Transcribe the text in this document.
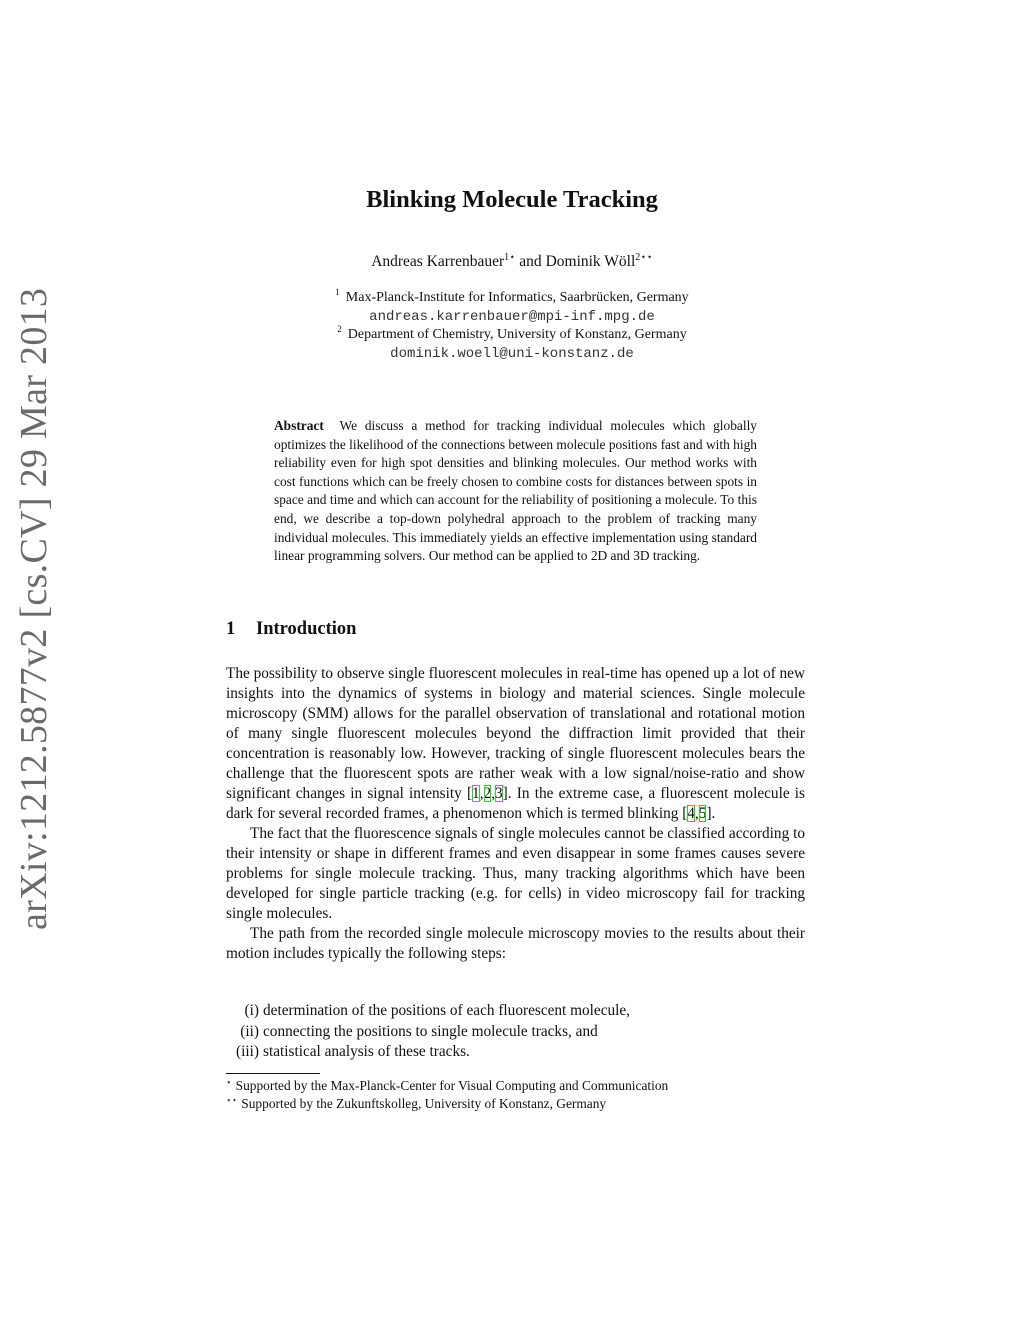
arXiv:1212.5877v2 [cs.CV] 29 Mar 2013
Blinking Molecule Tracking
Andreas Karrenbauer$^{1⋆}$ and Dominik Wöll$^{2⋆⋆}$
$^1$ Max-Planck-Institute for Informatics, Saarbrücken, Germany
andreas.karrenbauer@mpi-inf.mpg.de
$^2$ Department of Chemistry, University of Konstanz, Germany
dominik.woell@uni-konstanz.de

Abstract We discuss a method for tracking individual molecules which globally optimizes the likelihood of the connections between molecule positions fast and with high reliability even for high spot densities and blinking molecules. Our method works with cost functions which can be freely chosen to combine costs for distances between spots in space and time and which can account for the reliability of positioning a molecule. To this end, we describe a top-down polyhedral approach to the problem of tracking many individual molecules. This immediately yields an effective implementation using standard linear programming solvers. Our method can be applied to 2D and 3D tracking.

1 Introduction

The possibility to observe single fluorescent molecules in real-time has opened up a lot of new insights into the dynamics of systems in biology and material sciences. Single molecule microscopy (SMM) allows for the parallel observation of translational and rotational motion of many single fluorescent molecules beyond the diffraction limit provided that their concentration is reasonably low. However, tracking of single fluorescent molecules bears the challenge that the fluorescent spots are rather weak with a low signal/noise-ratio and show significant changes in signal intensity [1,2,3]. In the extreme case, a fluorescent molecule is dark for several recorded frames, a phenomenon which is termed blinking [4,5].

The fact that the fluorescence signals of single molecules cannot be classified according to their intensity or shape in different frames and even disappear in some frames causes severe problems for single molecule tracking. Thus, many tracking algorithms which have been developed for single particle tracking (e.g. for cells) in video microscopy fail for tracking single molecules.

The path from the recorded single molecule microscopy movies to the results about their motion includes typically the following steps:

(i) determination of the positions of each fluorescent molecule,
(ii) connecting the positions to single molecule tracks, and
(iii) statistical analysis of these tracks.
⋆ Supported by the Max-Planck-Center for Visual Computing and Communication
⋆⋆ Supported by the Zukunftskolleg, University of Konstanz, Germany
